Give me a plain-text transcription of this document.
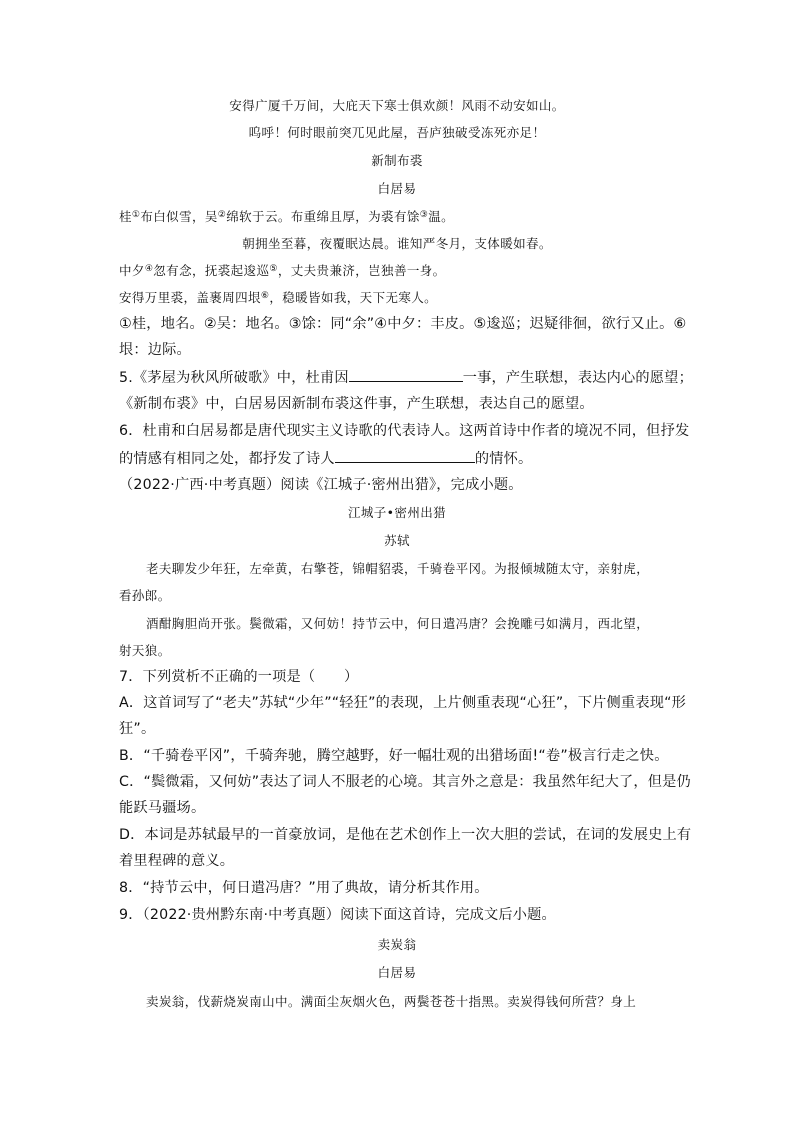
安得广厦千万间，大庇天下寒士俱欢颜！风雨不动安如山。
呜呼！何时眼前突兀见此屋，吾庐独破受冻死亦足！
新制布裘
白居易
桂①布白似雪，吴②绵软于云。布重绵且厚，为裘有馀③温。
朝拥坐至暮，夜覆眠达晨。谁知严冬月，支体暖如春。
中夕④忽有念，抚裘起逡巡⑤，丈夫贵兼济，岂独善一身。
安得万里裘，盖裹周四垠⑥，稳暖皆如我，天下无寒人。
①桂，地名。②吴：地名。③馀：同“余”④中夕：丰皮。⑤逡巡；迟疑徘徊，欲行又止。⑥
垠：边际。
5.《茅屋为秋风所破歌》中，杜甫因	一事，产生联想，表达内心的愿望；
《新制布裘》中，白居易因新制布裘这件事，产生联想，表达自己的愿望。
6．杜甫和白居易都是唐代现实主义诗歌的代表诗人。这两首诗中作者的境况不同，但抒发
的情感有相同之处，都抒发了诗人	的情怀。
（2022·广西·中考真题）阅读《江城子·密州出猎》，完成小题。
江城子•密州出猎
苏轼
老夫聊发少年狂，左牵黄，右擎苍，锦帽貂裘，千骑卷平冈。为报倾城随太守，亲射虎，
看孙郎。
酒酣胸胆尚开张。鬓微霜，又何妨！持节云中，何日遣冯唐？会挽雕弓如满月，西北望，
射天狼。
7．下列赏析不正确的一项是（　　）
A．这首词写了“老夫”苏轼“少年”“轻狂”的表现，上片侧重表现“心狂”，下片侧重表现“形
狂”。
B．“千骑卷平冈”，千骑奔驰，腾空越野，好一幅壮观的出猎场面!“卷”极言行走之快。
C．“鬓微霜，又何妨”表达了词人不服老的心境。其言外之意是：我虽然年纪大了，但是仍
能跃马疆场。
D．本词是苏轼最早的一首豪放词，是他在艺术创作上一次大胆的尝试，在词的发展史上有
着里程碑的意义。
8．“持节云中，何日遣冯唐？”用了典故，请分析其作用。
9．（2022·贵州黔东南·中考真题）阅读下面这首诗，完成文后小题。
卖炭翁
白居易
卖炭翁，伐薪烧炭南山中。满面尘灰烟火色，两鬓苍苍十指黑。卖炭得钱何所营？身上
